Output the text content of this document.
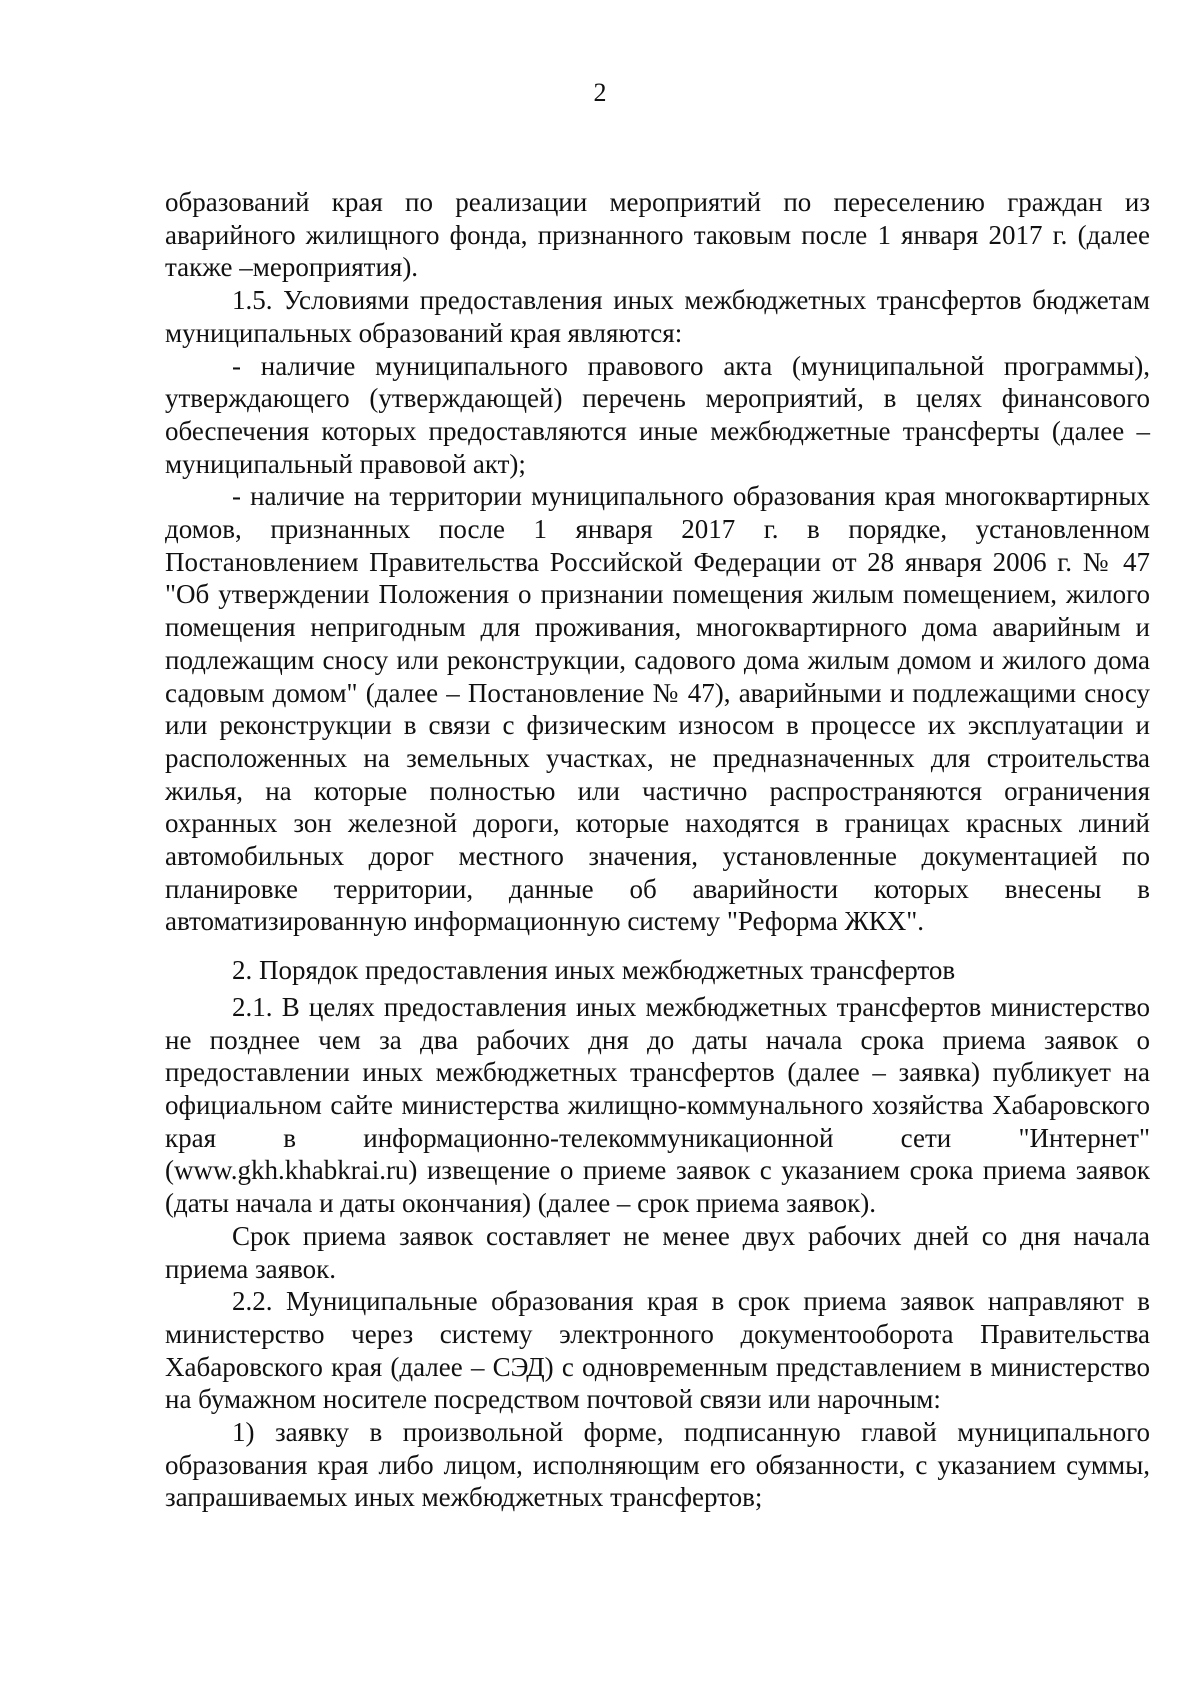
2

образований края по реализации мероприятий по переселению граждан из аварийного жилищного фонда, признанного таковым после 1 января 2017 г. (далее также –мероприятия).

1.5. Условиями предоставления иных межбюджетных трансфертов бюджетам муниципальных образований края являются:

- наличие муниципального правового акта (муниципальной программы), утверждающего (утверждающей) перечень мероприятий, в целях финансового обеспечения которых предоставляются иные межбюджетные трансферты (далее – муниципальный правовой акт);

- наличие на территории муниципального образования края многоквартирных домов, признанных после 1 января 2017 г. в порядке, установленном Постановлением Правительства Российской Федерации от 28 января 2006 г. № 47 "Об утверждении Положения о признании помещения жилым помещением, жилого помещения непригодным для проживания, многоквартирного дома аварийным и подлежащим сносу или реконструкции, садового дома жилым домом и жилого дома садовым домом" (далее – Постановление № 47), аварийными и подлежащими сносу или реконструкции в связи с физическим износом в процессе их эксплуатации и расположенных на земельных участках, не предназначенных для строительства жилья, на которые полностью или частично распространяются ограничения охранных зон железной дороги, которые находятся в границах красных линий автомобильных дорог местного значения, установленные документацией по планировке территории, данные об аварийности которых внесены в автоматизированную информационную систему "Реформа ЖКХ".

2. Порядок предоставления иных межбюджетных трансфертов

2.1. В целях предоставления иных межбюджетных трансфертов министерство не позднее чем за два рабочих дня до даты начала срока приема заявок о предоставлении иных межбюджетных трансфертов (далее – заявка) публикует на официальном сайте министерства жилищно-коммунального хозяйства Хабаровского края в информационно-телекоммуникационной сети "Интернет" (www.gkh.khabkrai.ru) извещение о приеме заявок с указанием срока приема заявок (даты начала и даты окончания) (далее – срок приема заявок).

Срок приема заявок составляет не менее двух рабочих дней со дня начала приема заявок.

2.2. Муниципальные образования края в срок приема заявок направляют в министерство через систему электронного документооборота Правительства Хабаровского края (далее – СЭД) с одновременным представлением в министерство на бумажном носителе посредством почтовой связи или нарочным:

1) заявку в произвольной форме, подписанную главой муниципального образования края либо лицом, исполняющим его обязанности, с указанием суммы, запрашиваемых иных межбюджетных трансфертов;
